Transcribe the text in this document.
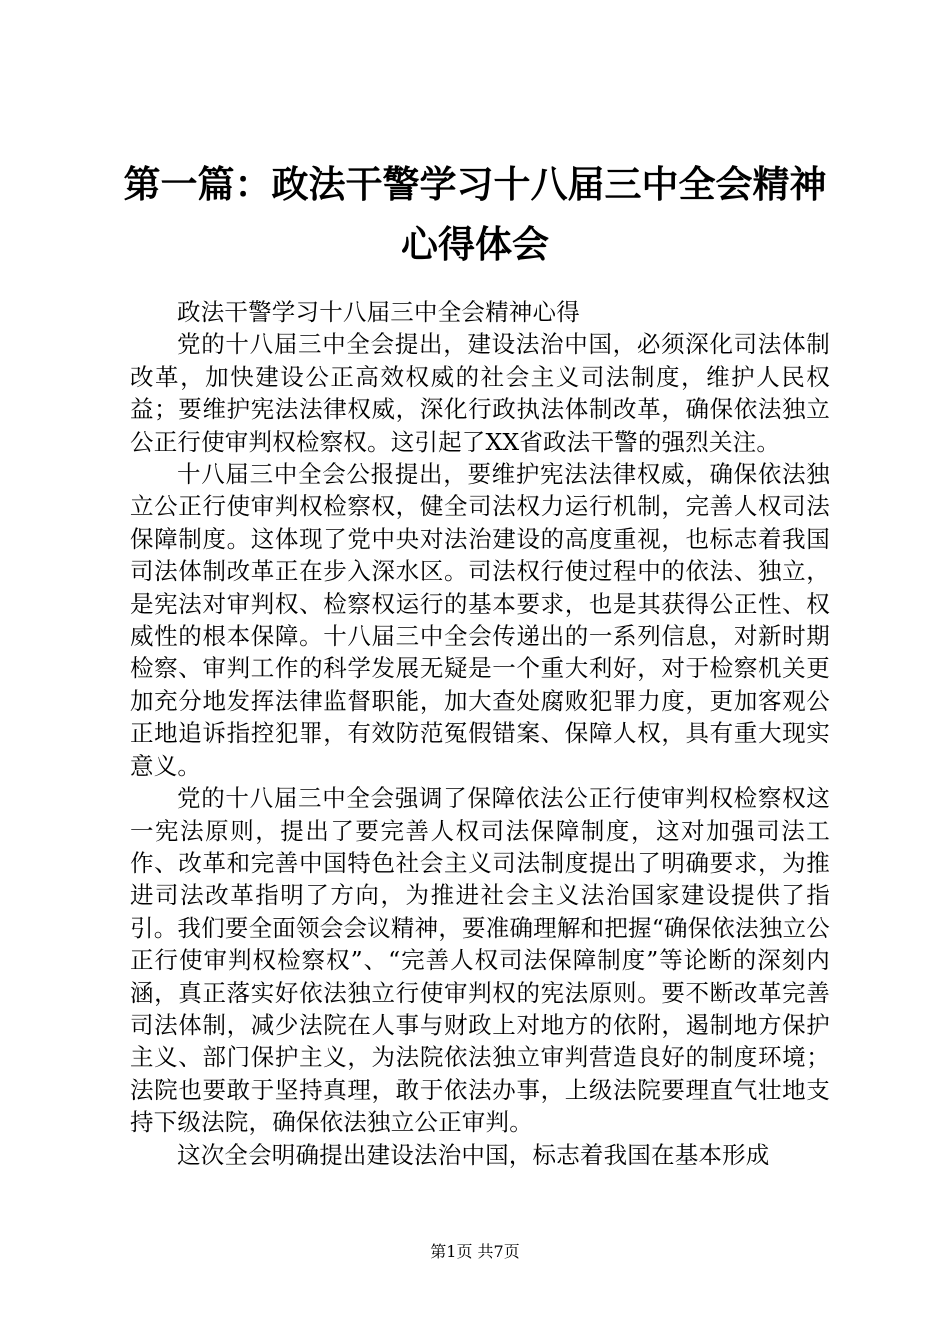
第一篇：政法干警学习十八届三中全会精神心得体会

政法干警学习十八届三中全会精神心得

党的十八届三中全会提出，建设法治中国，必须深化司法体制改革，加快建设公正高效权威的社会主义司法制度，维护人民权益；要维护宪法法律权威，深化行政执法体制改革，确保依法独立公正行使审判权检察权。这引起了XX省政法干警的强烈关注。

十八届三中全会公报提出，要维护宪法法律权威，确保依法独立公正行使审判权检察权，健全司法权力运行机制，完善人权司法保障制度。这体现了党中央对法治建设的高度重视，也标志着我国司法体制改革正在步入深水区。司法权行使过程中的依法、独立，是宪法对审判权、检察权运行的基本要求，也是其获得公正性、权威性的根本保障。十八届三中全会传递出的一系列信息，对新时期检察、审判工作的科学发展无疑是一个重大利好，对于检察机关更加充分地发挥法律监督职能，加大查处腐败犯罪力度，更加客观公正地追诉指控犯罪，有效防范冤假错案、保障人权，具有重大现实意义。

党的十八届三中全会强调了保障依法公正行使审判权检察权这一宪法原则，提出了要完善人权司法保障制度，这对加强司法工作、改革和完善中国特色社会主义司法制度提出了明确要求，为推进司法改革指明了方向，为推进社会主义法治国家建设提供了指引。我们要全面领会会议精神，要准确理解和把握“确保依法独立公正行使审判权检察权”、“完善人权司法保障制度”等论断的深刻内涵，真正落实好依法独立行使审判权的宪法原则。要不断改革完善司法体制，减少法院在人事与财政上对地方的依附，遏制地方保护主义、部门保护主义，为法院依法独立审判营造良好的制度环境；法院也要敢于坚持真理，敢于依法办事，上级法院要理直气壮地支持下级法院，确保依法独立公正审判。

这次全会明确提出建设法治中国，标志着我国在基本形成

第1页 共7页
